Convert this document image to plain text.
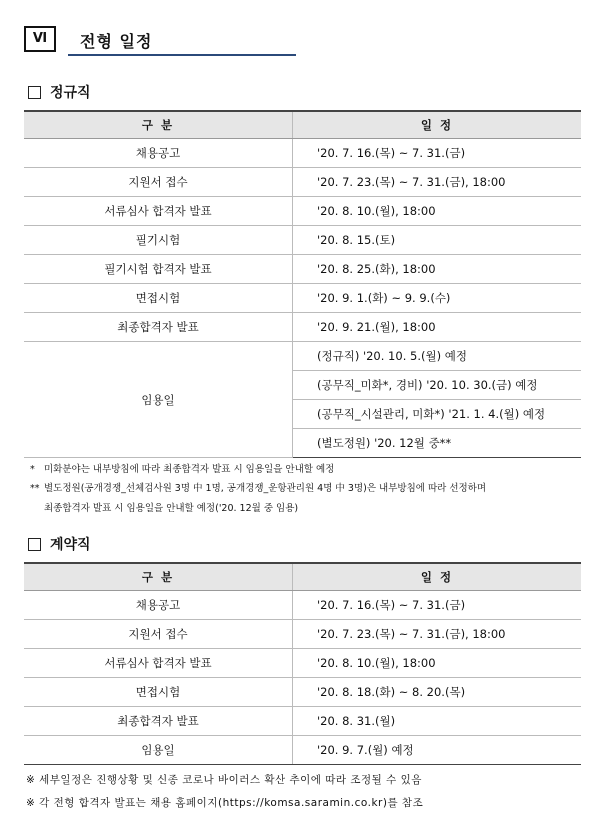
Ⅵ	전형 일정
정규직
구 분	일 정
채용공고	'20. 7. 16.(목) ~ 7. 31.(금)
지원서 접수	'20. 7. 23.(목) ~ 7. 31.(금), 18:00
서류심사 합격자 발표	'20. 8. 10.(월), 18:00
필기시험	'20. 8. 15.(토)
필기시험 합격자 발표	'20. 8. 25.(화), 18:00
면접시험	'20. 9. 1.(화) ~ 9. 9.(수)
최종합격자 발표	'20. 9. 21.(월), 18:00
임용일	(정규직) '20. 10. 5.(월) 예정
	(공무직_미화*, 경비) '20. 10. 30.(금) 예정
	(공무직_시설관리, 미화*) '21. 1. 4.(월) 예정
	(별도정원) '20. 12월 중**
* 미화분야는 내부방침에 따라 최종합격자 발표 시 임용일을 안내할 예정
** 별도정원(공개경쟁_선체검사원 3명 中 1명, 공개경쟁_운항관리원 4명 中 3명)은 내부방침에 따라 선정하며
최종합격자 발표 시 임용일을 안내할 예정('20. 12월 중 임용)
계약직
구 분	일 정
채용공고	'20. 7. 16.(목) ~ 7. 31.(금)
지원서 접수	'20. 7. 23.(목) ~ 7. 31.(금), 18:00
서류심사 합격자 발표	'20. 8. 10.(월), 18:00
면접시험	'20. 8. 18.(화) ~ 8. 20.(목)
최종합격자 발표	'20. 8. 31.(월)
임용일	'20. 9. 7.(월) 예정
※ 세부일정은 진행상황 및 신종 코로나 바이러스 확산 추이에 따라 조정될 수 있음
※ 각 전형 합격자 발표는 채용 홈페이지(https://komsa.saramin.co.kr)를 참조
